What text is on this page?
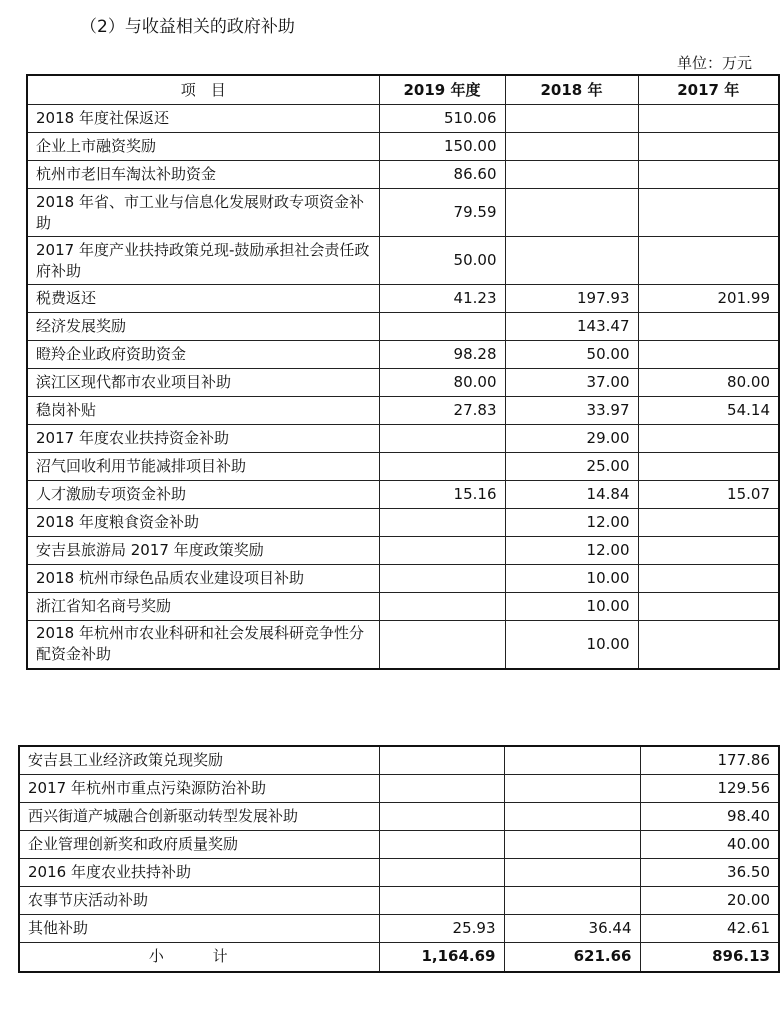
（2）与收益相关的政府补助
单位：万元
项　目	2019 年度	2018 年	2017 年
2018 年度社保返还	510.06		
企业上市融资奖励	150.00		
杭州市老旧车淘汰补助资金	86.60		
2018 年省、市工业与信息化发展财政专项资金补助	79.59		
2017 年度产业扶持政策兑现-鼓励承担社会责任政府补助	50.00		
税费返还	41.23	197.93	201.99
经济发展奖励		143.47	
瞪羚企业政府资助资金	98.28	50.00	
滨江区现代都市农业项目补助	80.00	37.00	80.00
稳岗补贴	27.83	33.97	54.14
2017 年度农业扶持资金补助		29.00	
沼气回收利用节能减排项目补助		25.00	
人才激励专项资金补助	15.16	14.84	15.07
2018 年度粮食资金补助		12.00	
安吉县旅游局 2017 年度政策奖励		12.00	
2018 杭州市绿色品质农业建设项目补助		10.00	
浙江省知名商号奖励		10.00	
2018 年杭州市农业科研和社会发展科研竞争性分配资金补助		10.00	
安吉县工业经济政策兑现奖励			177.86
2017 年杭州市重点污染源防治补助			129.56
西兴街道产城融合创新驱动转型发展补助			98.40
企业管理创新奖和政府质量奖励			40.00
2016 年度农业扶持补助			36.50
农事节庆活动补助			20.00
其他补助	25.93	36.44	42.61
小 计	1,164.69	621.66	896.13
